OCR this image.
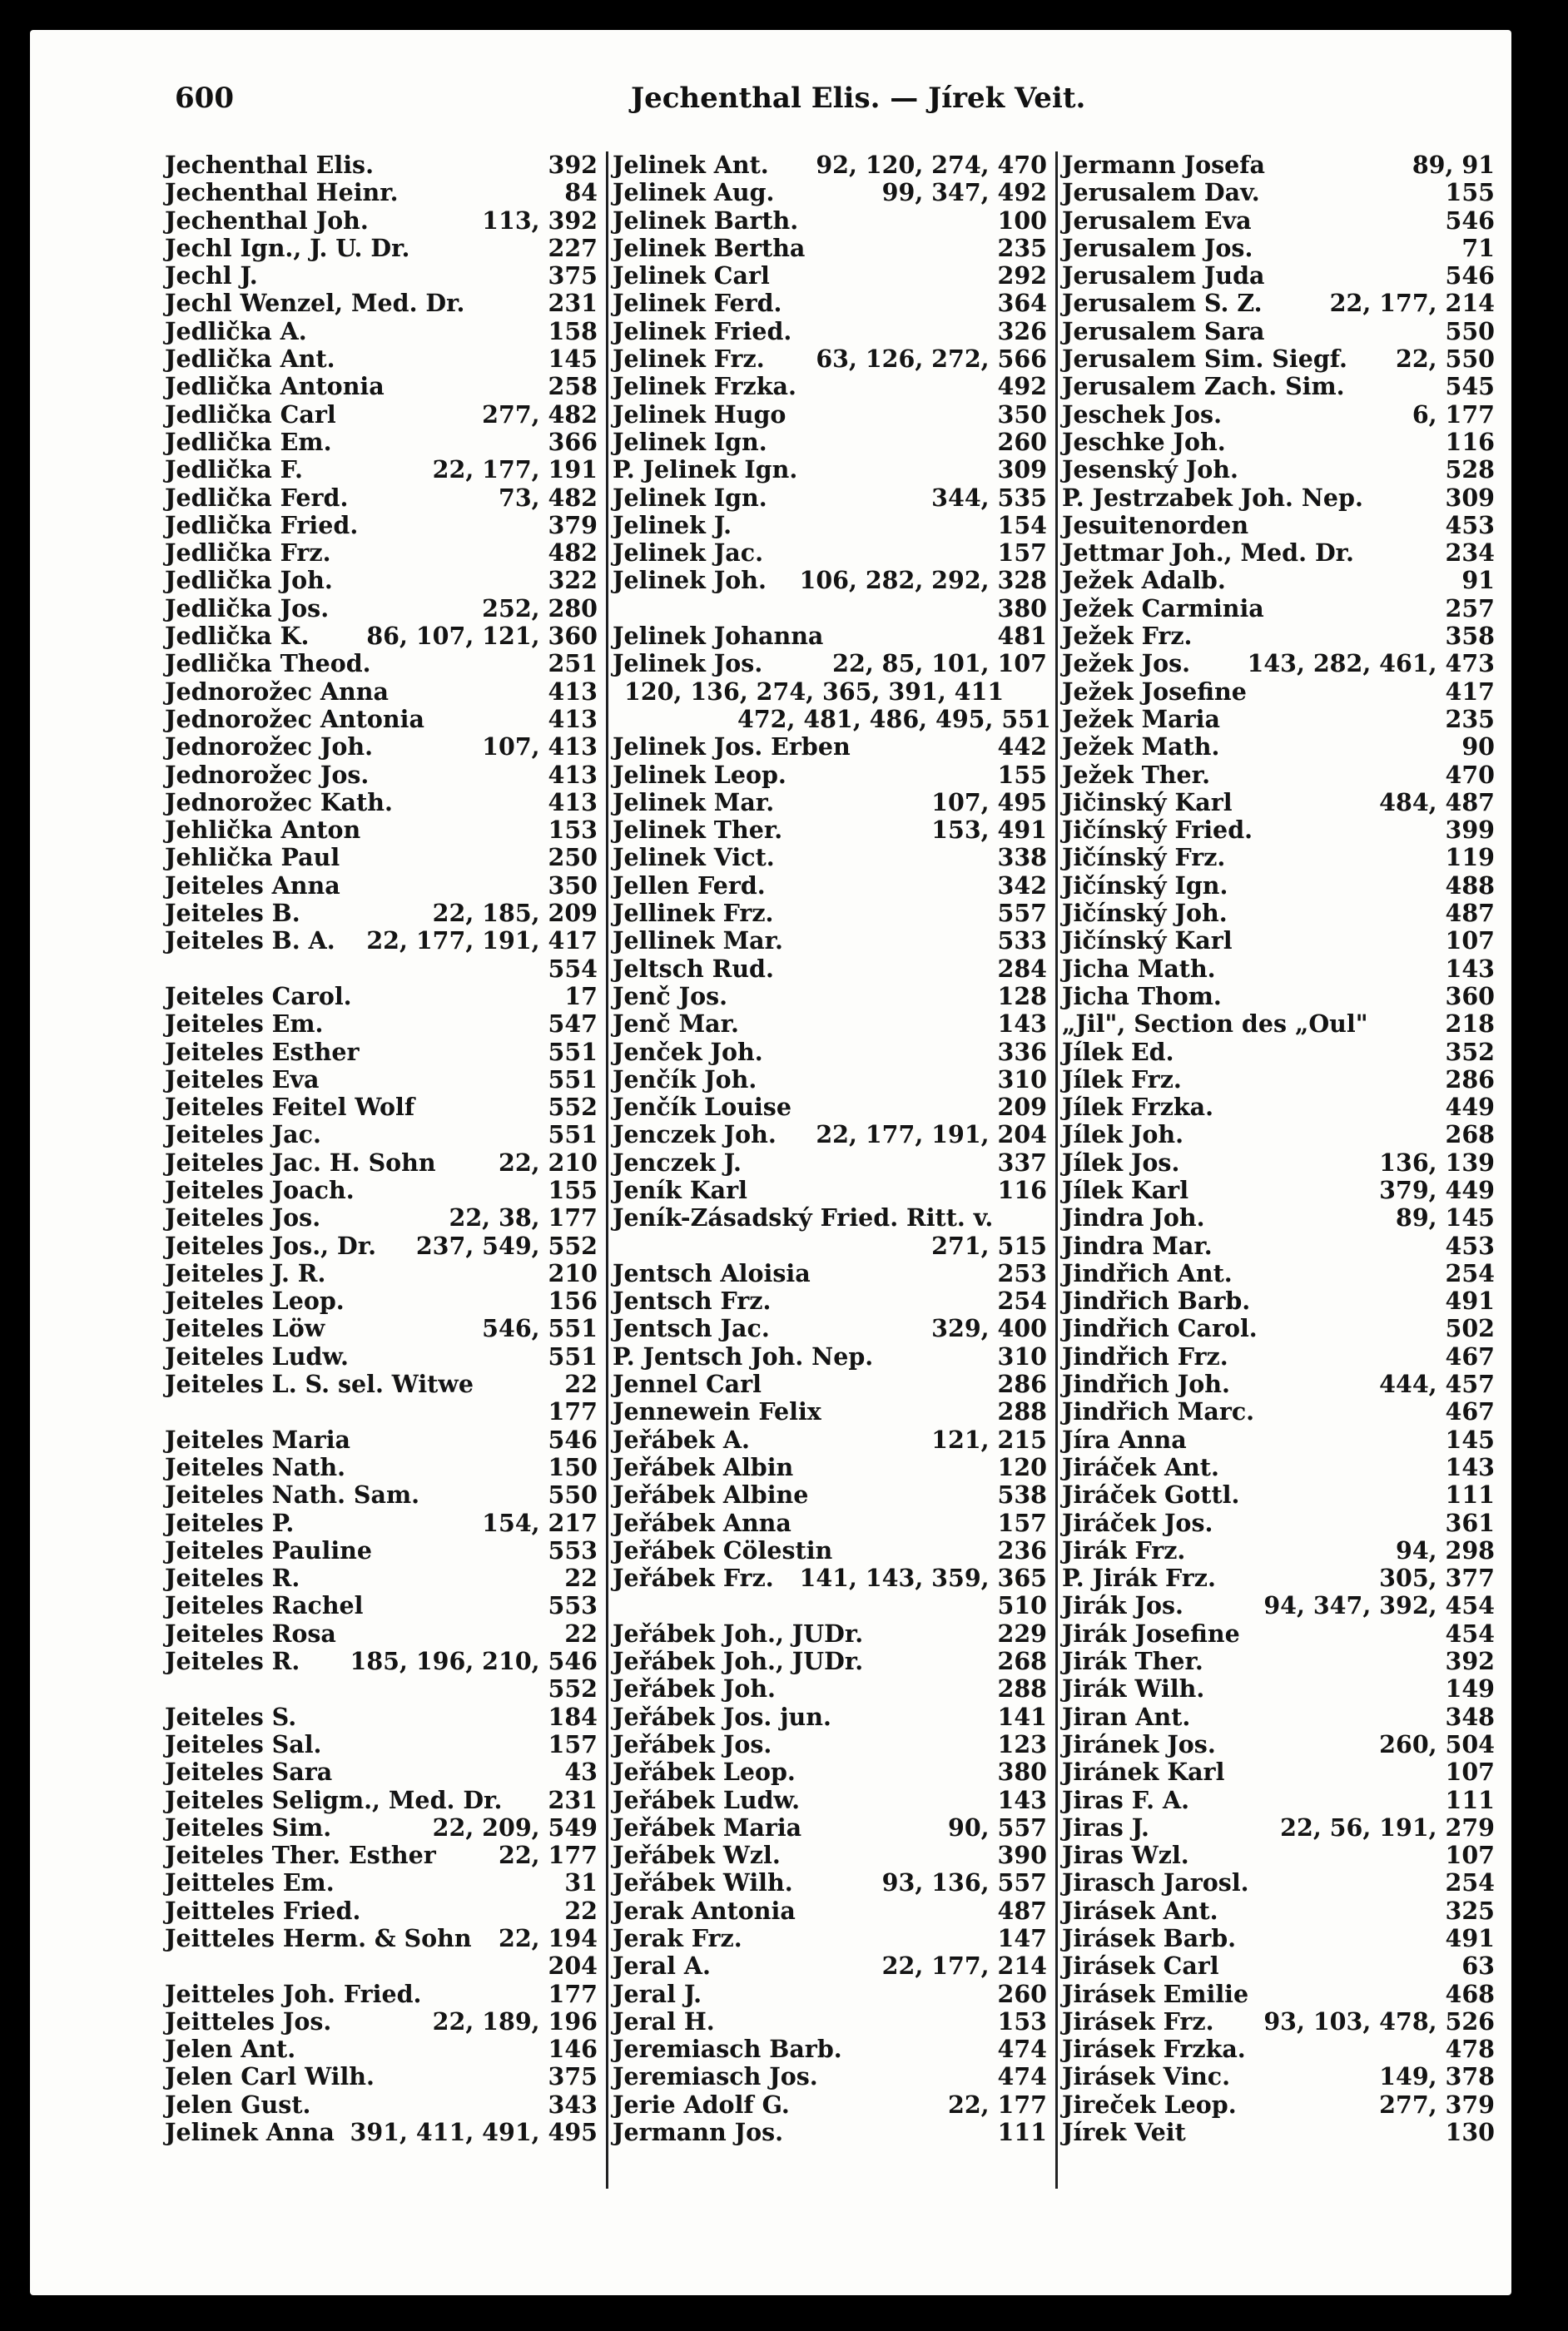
600	Jechenthal Elis. — Jírek Veit.
Jechenthal Elis.	392
Jechenthal Heinr.	84
Jechenthal Joh.	113, 392
Jechl Ign., J. U. Dr.	227
Jechl J.	375
Jechl Wenzel, Med. Dr.	231
Jedlička A.	158
Jedlička Ant.	145
Jedlička Antonia	258
Jedlička Carl	277, 482
Jedlička Em.	366
Jedlička F.	22, 177, 191
Jedlička Ferd.	73, 482
Jedlička Fried.	379
Jedlička Frz.	482
Jedlička Joh.	322
Jedlička Jos.	252, 280
Jedlička K. 86, 107, 121, 360
Jedlička Theod.	251
Jednorožec Anna	413
Jednorožec Antonia	413
Jednorožec Joh.	107, 413
Jednorožec Jos.	413
Jednorožec Kath.	413
Jehlička Anton	153
Jehlička Paul	250
Jeiteles Anna	350
Jeiteles B.	22, 185, 209
Jeiteles B. A. 22, 177, 191, 417
554
Jeiteles Carol.	17
Jeiteles Em.	547
Jeiteles Esther	551
Jeiteles Eva	551
Jeiteles Feitel Wolf	552
Jeiteles Jac.	551
Jeiteles Jac. H. Sohn	22, 210
Jeiteles Joach.	155
Jeiteles Jos.	22, 38, 177
Jeiteles Jos., Dr. 237, 549, 552
Jeiteles J. R.	210
Jeiteles Leop.	156
Jeiteles Löw	546, 551
Jeiteles Ludw.	551
Jeiteles L. S. sel. Witwe	22
177
Jeiteles Maria	546
Jeiteles Nath.	150
Jeiteles Nath. Sam.	550
Jeiteles P.	154, 217
Jeiteles Pauline	553
Jeiteles R.	22
Jeiteles Rachel	553
Jeiteles Rosa	22
Jeiteles R. 185, 196, 210, 546
552
Jeiteles S.	184
Jeiteles Sal.	157
Jeiteles Sara	43
Jeiteles Seligm., Med. Dr. 231
Jeiteles Sim.	22, 209, 549
Jeiteles Ther. Esther	22, 177
Jeitteles Em.	31
Jeitteles Fried.	22
Jeitteles Herm. & Sohn 22, 194
204
Jeitteles Joh. Fried.	177
Jeitteles Jos.	22, 189, 196
Jelen Ant.	146
Jelen Carl Wilh.	375
Jelen Gust.	343
Jelinek Anna 391, 411, 491, 495
Jelinek Ant. 92, 120, 274, 470
Jelinek Aug.	99, 347, 492
Jelinek Barth.	100
Jelinek Bertha	235
Jelinek Carl	292
Jelinek Ferd.	364
Jelinek Fried.	326
Jelinek Frz. 63, 126, 272, 566
Jelinek Frzka.	492
Jelinek Hugo	350
Jelinek Ign.	260
P. Jelinek Ign.	309
Jelinek Ign.	344, 535
Jelinek J.	154
Jelinek Jac.	157
Jelinek Joh. 106, 282, 292, 328
380
Jelinek Johanna	481
Jelinek Jos.	22, 85, 101, 107
120, 136, 274, 365, 391, 411
472, 481, 486, 495, 551
Jelinek Jos. Erben	442
Jelinek Leop.	155
Jelinek Mar.	107, 495
Jelinek Ther.	153, 491
Jelinek Vict.	338
Jellen Ferd.	342
Jellinek Frz.	557
Jellinek Mar.	533
Jeltsch Rud.	284
Jenč Jos.	128
Jenč Mar.	143
Jenček Joh.	336
Jenčík Joh.	310
Jenčík Louise	209
Jenczek Joh. 22, 177, 191, 204
Jenczek J.	337
Jeník Karl	116
Jeník-Zásadský Fried. Ritt. v.
271, 515
Jentsch Aloisia	253
Jentsch Frz.	254
Jentsch Jac.	329, 400
P. Jentsch Joh. Nep.	310
Jennel Carl	286
Jennewein Felix	288
Jeřábek A.	121, 215
Jeřábek Albin	120
Jeřábek Albine	538
Jeřábek Anna	157
Jeřábek Cölestin	236
Jeřábek Frz. 141, 143, 359, 365
510
Jeřábek Joh., JUDr.	229
Jeřábek Joh., JUDr.	268
Jeřábek Joh.	288
Jeřábek Jos. jun.	141
Jeřábek Jos.	123
Jeřábek Leop.	380
Jeřábek Ludw.	143
Jeřábek Maria	90, 557
Jeřábek Wzl.	390
Jeřábek Wilh.	93, 136, 557
Jerak Antonia	487
Jerak Frz.	147
Jeral A.	22, 177, 214
Jeral J.	260
Jeral H.	153
Jeremiasch Barb.	474
Jeremiasch Jos.	474
Jerie Adolf G.	22, 177
Jermann Jos.	111
Jermann Josefa	89, 91
Jerusalem Dav.	155
Jerusalem Eva	546
Jerusalem Jos.	71
Jerusalem Juda	546
Jerusalem S. Z.	22, 177, 214
Jerusalem Sara	550
Jerusalem Sim. Siegf. 22, 550
Jerusalem Zach. Sim.	545
Jeschek Jos.	6, 177
Jeschke Joh.	116
Jesenský Joh.	528
P. Jestrzabek Joh. Nep.	309
Jesuitenorden	453
Jettmar Joh., Med. Dr.	234
Ježek Adalb.	91
Ježek Carminia	257
Ježek Frz.	358
Ježek Jos. 143, 282, 461, 473
Ježek Josefine	417
Ježek Maria	235
Ježek Math.	90
Ježek Ther.	470
Jičinský Karl	484, 487
Jičínský Fried.	399
Jičínský Frz.	119
Jičínský Ign.	488
Jičínský Joh.	487
Jičínský Karl	107
Jicha Math.	143
Jicha Thom.	360
„Jil", Section des „Oul"	218
Jílek Ed.	352
Jílek Frz.	286
Jílek Frzka.	449
Jílek Joh.	268
Jílek Jos.	136, 139
Jílek Karl	379, 449
Jindra Joh.	89, 145
Jindra Mar.	453
Jindřich Ant.	254
Jindřich Barb.	491
Jindřich Carol.	502
Jindřich Frz.	467
Jindřich Joh.	444, 457
Jindřich Marc.	467
Jíra Anna	145
Jiráček Ant.	143
Jiráček Gottl.	111
Jiráček Jos.	361
Jirák Frz.	94, 298
P. Jirák Frz.	305, 377
Jirák Jos.	94, 347, 392, 454
Jirák Josefine	454
Jirák Ther.	392
Jirák Wilh.	149
Jiran Ant.	348
Jiránek Jos.	260, 504
Jiránek Karl	107
Jiras F. A.	111
Jiras J.	22, 56, 191, 279
Jiras Wzl.	107
Jirasch Jarosl.	254
Jirásek Ant.	325
Jirásek Barb.	491
Jirásek Carl	63
Jirásek Emilie	468
Jirásek Frz. 93, 103, 478, 526
Jirásek Frzka.	478
Jirásek Vinc.	149, 378
Jireček Leop.	277, 379
Jírek Veit	130
